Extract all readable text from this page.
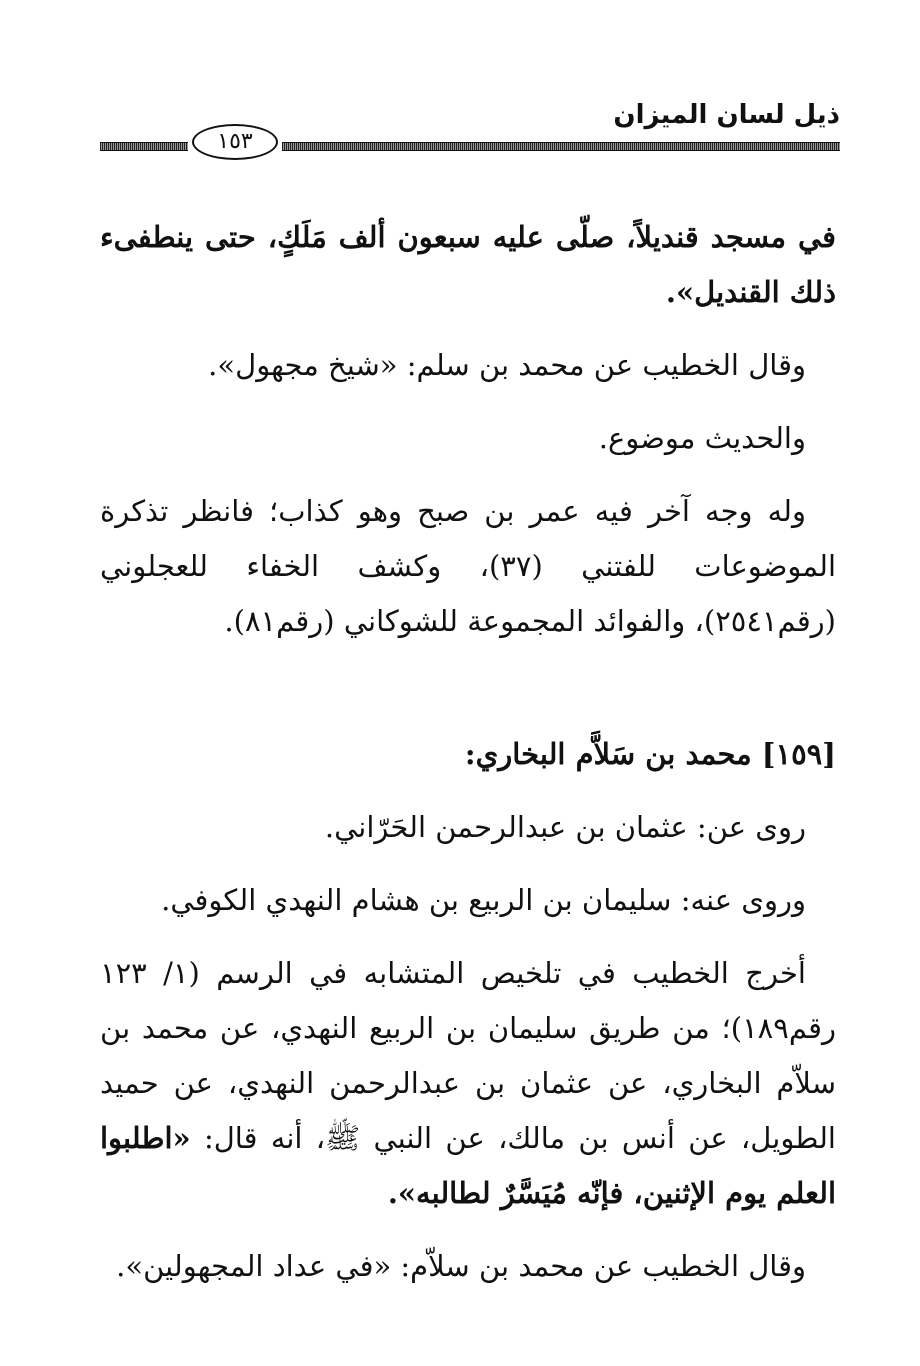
ذيل لسان الميزان
١٥٣

في مسجد قنديلاً، صلّى عليه سبعون ألف مَلَكٍ، حتى ينطفىء ذلك القنديل».

وقال الخطيب عن محمد بن سلم: «شيخ مجهول».

والحديث موضوع.

وله وجه آخر فيه عمر بن صبح وهو كذاب؛ فانظر تذكرة الموضوعات للفتني (٣٧)، وكشف الخفاء للعجلوني (رقم٢٥٤١)، والفوائد المجموعة للشوكاني (رقم٨١).

[١٥٩] محمد بن سَلاَّم البخاري:

روى عن: عثمان بن عبدالرحمن الحَرّاني.

وروى عنه: سليمان بن الربيع بن هشام النهدي الكوفي.

أخرج الخطيب في تلخيص المتشابه في الرسم (١/ ١٢٣ رقم١٨٩)؛ من طريق سليمان بن الربيع النهدي، عن محمد بن سلاّم البخاري، عن عثمان بن عبدالرحمن النهدي، عن حميد الطويل، عن أنس بن مالك، عن النبي ﷺ، أنه قال: «اطلبوا العلم يوم الإثنين، فإنّه مُيَسَّرٌ لطالبه».

وقال الخطيب عن محمد بن سلاّم: «في عداد المجهولين».
